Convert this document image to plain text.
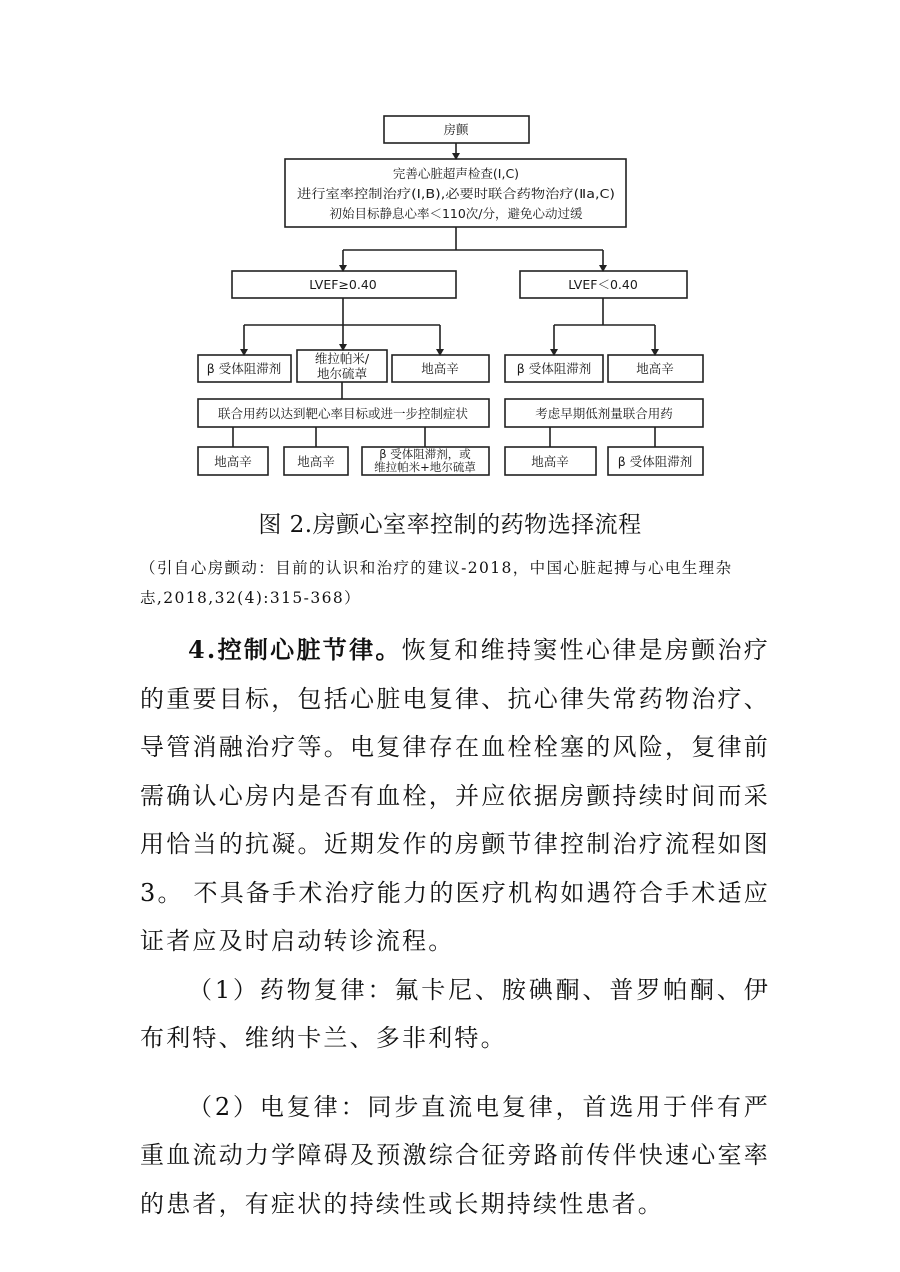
房颤
完善心脏超声检查(Ⅰ,C)
进行室率控制治疗(Ⅰ,B),必要时联合药物治疗(Ⅱa,C)
初始目标静息心率＜110次/分，避免心动过缓
LVEF≥0.40	LVEF＜0.40
β 受体阻滞剂
维拉帕米/
地尔硫䓬	地高辛
联合用药以达到靶心率目标或进一步控制症状
地高辛	地高辛	β 受体阻滞剂，或
维拉帕米+地尔硫䓬
β 受体阻滞剂	地高辛
考虑早期低剂量联合用药
地高辛	β 受体阻滞剂
图 2.房颤心室率控制的药物选择流程
（引自心房颤动：目前的认识和治疗的建议-2018，中国心脏起搏与心电生理杂志,2018,32(4):315-368）

4.控制心脏节律。恢复和维持窦性心律是房颤治疗的重要目标，包括心脏电复律、抗心律失常药物治疗、导管消融治疗等。电复律存在血栓栓塞的风险，复律前需确认心房内是否有血栓，并应依据房颤持续时间而采用恰当的抗凝。近期发作的房颤节律控制治疗流程如图 3。 不具备手术治疗能力的医疗机构如遇符合手术适应证者应及时启动转诊流程。

（1）药物复律：氟卡尼、胺碘酮、普罗帕酮、伊布利特、维纳卡兰、多非利特。

（2）电复律：同步直流电复律，首选用于伴有严重血流动力学障碍及预激综合征旁路前传伴快速心室率的患者，有症状的持续性或长期持续性患者。
